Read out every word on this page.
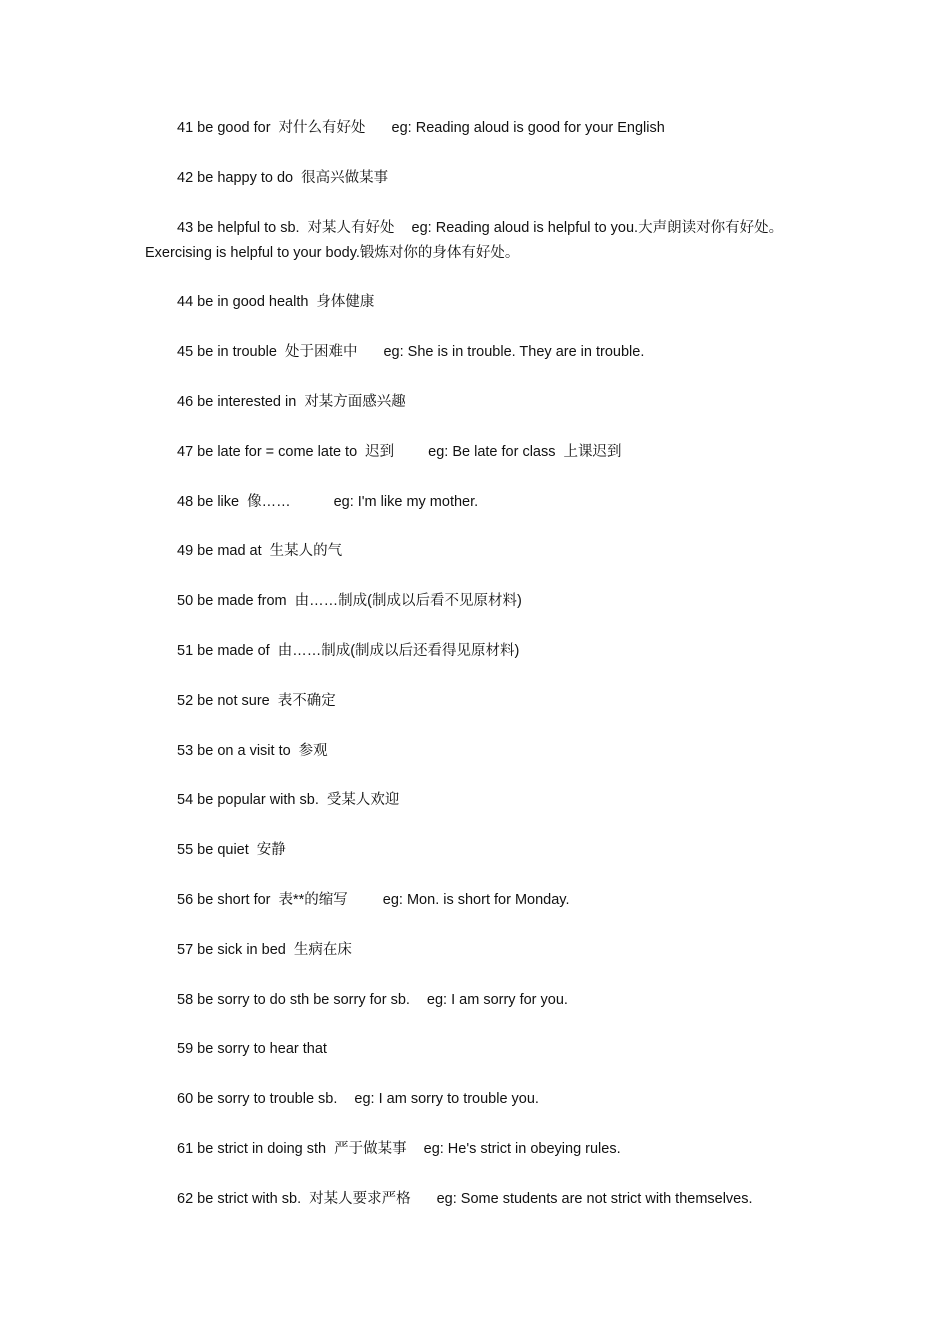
41 be good for 对什么有好处 eg: Reading aloud is good for your English
42 be happy to do 很高兴做某事
43 be helpful to sb. 对某人有好处 eg: Reading aloud is helpful to you.大声朗读对你有好处。Exercising is helpful to your body.锻炼对你的身体有好处。
44 be in good health 身体健康
45 be in trouble 处于困难中 eg: She is in trouble. They are in trouble.
46 be interested in 对某方面感兴趣
47 be late for = come late to 迟到 eg: Be late for class 上课迟到
48 be like 像……	eg: I'm like my mother.
49 be mad at 生某人的气
50 be made from 由……制成(制成以后看不见原材料)
51 be made of 由……制成(制成以后还看得见原材料)
52 be not sure 表不确定
53 be on a visit to 参观
54 be popular with sb. 受某人欢迎
55 be quiet 安静
56 be short for 表**的缩写 eg: Mon. is short for Monday.
57 be sick in bed 生病在床
58 be sorry to do sth be sorry for sb. eg: I am sorry for you.
59 be sorry to hear that
60 be sorry to trouble sb. eg: I am sorry to trouble you.
61 be strict in doing sth 严于做某事 eg: He's strict in obeying rules.
62 be strict with sb. 对某人要求严格 eg: Some students are not strict with themselves.
